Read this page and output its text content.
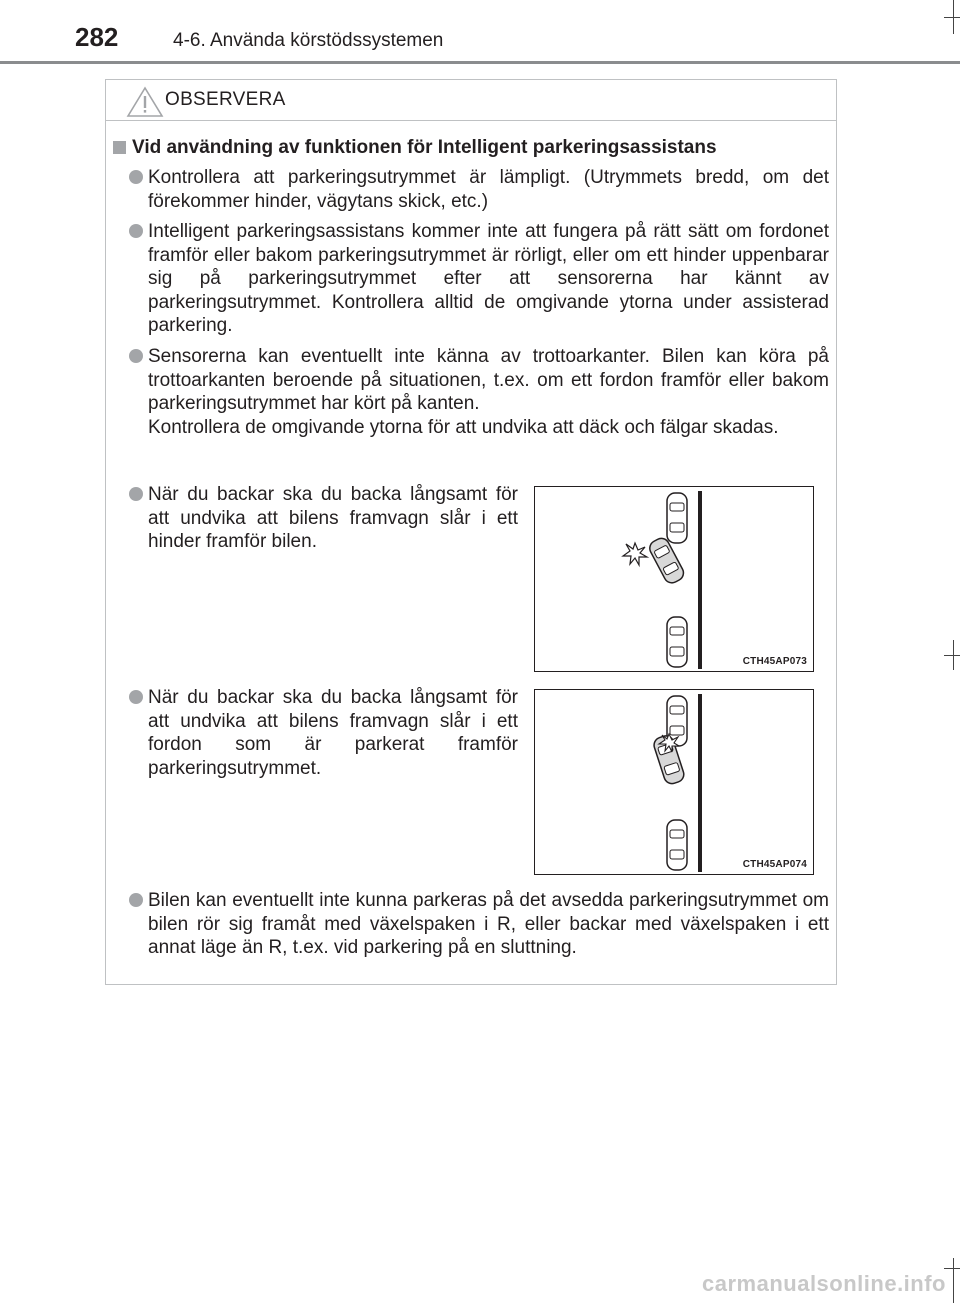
282	4-6. Använda körstödssystemen
OBSERVERA
Vid användning av funktionen för Intelligent parkeringsassistans
Kontrollera att parkeringsutrymmet är lämpligt. (Utrymmets bredd, om det förekommer hinder, vägytans skick, etc.)
Intelligent parkeringsassistans kommer inte att fungera på rätt sätt om fordonet framför eller bakom parkeringsutrymmet är rörligt, eller om ett hinder uppenbarar sig på parkeringsutrymmet efter att sensorerna har kännt av parkeringsutrymmet. Kontrollera alltid de omgivande ytorna under assisterad parkering.
Sensorerna kan eventuellt inte känna av trottoarkanter. Bilen kan köra på trottoarkanten beroende på situationen, t.ex. om ett fordon framför eller bakom parkeringsutrymmet har kört på kanten.
Kontrollera de omgivande ytorna för att undvika att däck och fälgar skadas.
När du backar ska du backa långsamt för att undvika att bilens framvagn slår i ett hinder framför bilen.
CTH45AP073
När du backar ska du backa långsamt för att undvika att bilens framvagn slår i ett fordon som är parkerat framför parkeringsutrymmet.
CTH45AP074
Bilen kan eventuellt inte kunna parkeras på det avsedda parkeringsutrymmet om bilen rör sig framåt med växelspaken i R, eller backar med växelspaken i ett annat läge än R, t.ex. vid parkering på en sluttning.
carmanualsonline.info
